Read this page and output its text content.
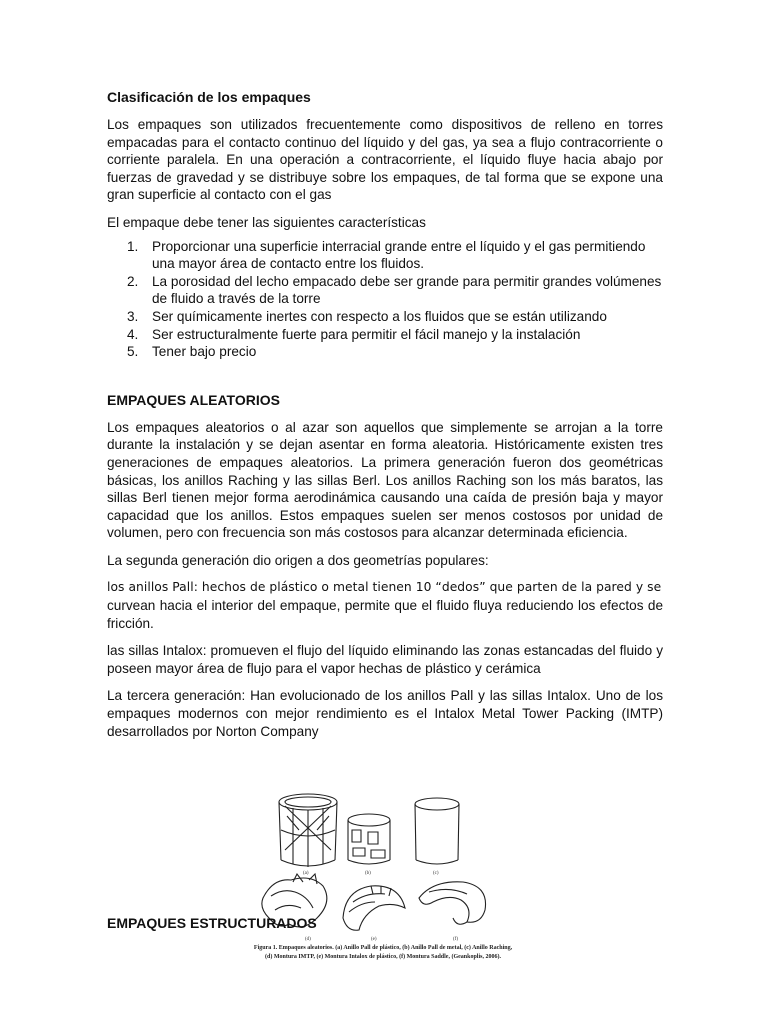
Clasificación de los empaques

Los empaques son utilizados frecuentemente como dispositivos de relleno en torres empacadas para el contacto continuo del líquido y del gas, ya sea a flujo contracorriente o corriente paralela. En una operación a contracorriente, el líquido fluye hacia abajo por fuerzas de gravedad y se distribuye sobre los empaques, de tal forma que se expone una gran superficie al contacto con el gas

El empaque debe tener las siguientes características

1. Proporcionar una superficie interracial grande entre el líquido y el gas permitiendo una mayor área de contacto entre los fluidos.
2. La porosidad del lecho empacado debe ser grande para permitir grandes volúmenes de fluido a través de la torre
3. Ser químicamente inertes con respecto a los fluidos que se están utilizando
4. Ser estructuralmente fuerte para permitir el fácil manejo y la instalación
5. Tener bajo precio
EMPAQUES ALEATORIOS

Los empaques aleatorios o al azar son aquellos que simplemente se arrojan a la torre durante la instalación y se dejan asentar en forma aleatoria. Históricamente existen tres generaciones de empaques aleatorios. La primera generación fueron dos geométricas básicas, los anillos Raching y las sillas Berl. Los anillos Raching son los más baratos, las sillas Berl tienen mejor forma aerodinámica causando una caída de presión baja y mayor capacidad que los anillos. Estos empaques suelen ser menos costosos por unidad de volumen, pero con frecuencia son más costosos para alcanzar determinada eficiencia.

La segunda generación dio origen a dos geometrías populares:

los anillos Pall: hechos de plástico o metal tienen 10 “dedos” que parten de la pared y se

curvean hacia el interior del empaque, permite que el fluido fluya reduciendo los efectos de fricción.

las sillas Intalox: promueven el flujo del líquido eliminando las zonas estancadas del fluido y poseen mayor área de flujo para el vapor hechas de plástico y cerámica

La tercera generación: Han evolucionado de los anillos Pall y las sillas Intalox. Uno de los empaques modernos con mejor rendimiento es el Intalox Metal Tower Packing (IMTP) desarrollados por Norton Company

(a)	(b)	(c)
(d)	(e)	(f)
EMPAQUES ESTRUCTURADOS
Figura 1. Empaques aleatorios. (a) Anillo Pall de plástico, (b) Anillo Pall de metal, (c) Anillo Raching,
(d) Montura IMTP, (e) Montura Intalox de plástico, (f) Montura Saddle, (Geankoplis, 2006).
